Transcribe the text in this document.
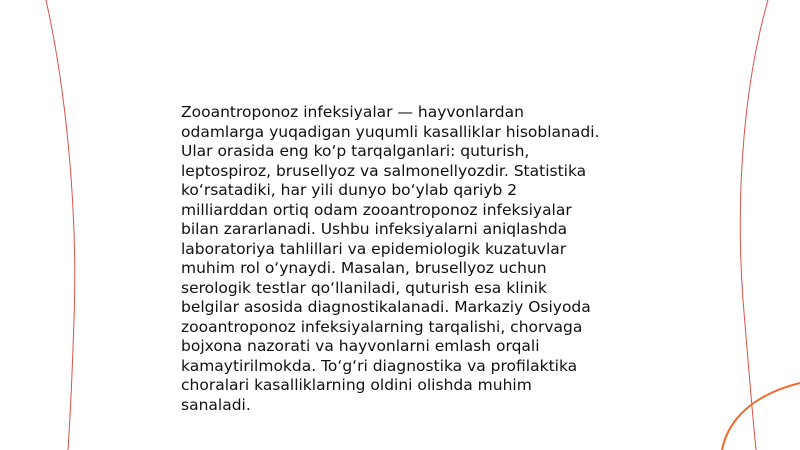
Zooantroponoz infeksiyalar — hayvonlardan
odamlarga yuqadigan yuqumli kasalliklar hisoblanadi.
Ular orasida eng ko‘p tarqalganlari: quturish,
leptospiroz, brusellyoz va salmonellyozdir. Statistika
ko‘rsatadiki, har yili dunyo bo‘ylab qariyb 2
milliarddan ortiq odam zooantroponoz infeksiyalar
bilan zararlanadi. Ushbu infeksiyalarni aniqlashda
laboratoriya tahlillari va epidemiologik kuzatuvlar
muhim rol o‘ynaydi. Masalan, brusellyoz uchun
serologik testlar qo‘llaniladi, quturish esa klinik
belgilar asosida diagnostikalanadi. Markaziy Osiyoda
zooantroponoz infeksiyalarning tarqalishi, chorvaga
bojxona nazorati va hayvonlarni emlash orqali
kamaytirilmokda. To‘g‘ri diagnostika va profilaktika
choralari kasalliklarning oldini olishda muhim
sanaladi.
